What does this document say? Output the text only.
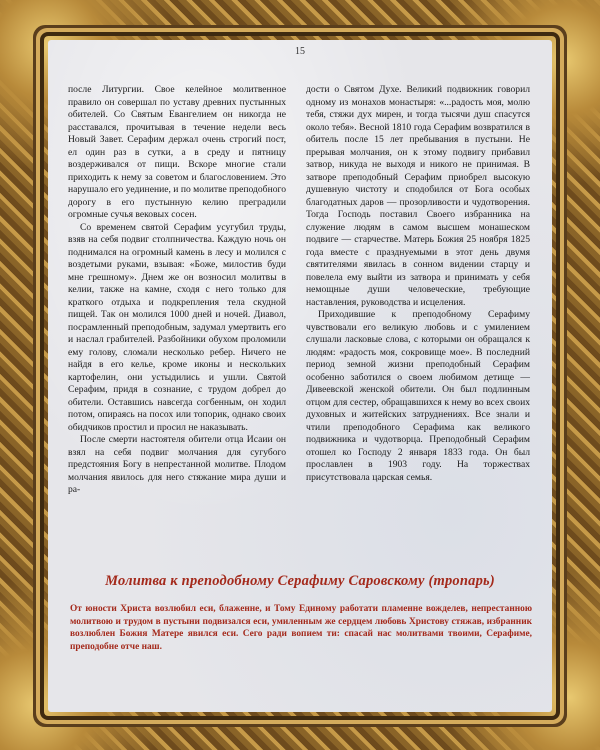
15

после Литургии. Свое келейное молитвенное правило он совершал по уставу древних пустынных обителей. Со Святым Евангелием он никогда не расставался, прочитывая в течение недели весь Новый Завет. Серафим держал очень строгий пост, ел один раз в сутки, а в среду и пятницу воздерживался от пищи. Вскоре многие стали приходить к нему за советом и благословением. Это нарушало его уединение, и по молитве преподобного дорогу в его пустынную келию преградили огромные сучья вековых сосен.

Со временем святой Серафим усугубил труды, взяв на себя подвиг столпничества. Каждую ночь он поднимался на огромный камень в лесу и молился с воздетыми руками, взывая: «Боже, милостив буди мне грешному». Днем же он возносил молитвы в келии, также на камне, сходя с него только для краткого отдыха и подкрепления тела скудной пищей. Так он молился 1000 дней и ночей. Диавол, посрамленный преподобным, задумал умертвить его и наслал грабителей. Разбойники обухом проломили ему голову, сломали несколько ребер. Ничего не найдя в его келье, кроме иконы и нескольких картофелин, они устыдились и ушли. Святой Серафим, придя в сознание, с трудом добрел до обители. Оставшись навсегда согбенным, он ходил потом, опираясь на посох или топорик, однако своих обидчиков простил и просил не наказывать.

После смерти настоятеля обители отца Исаии он взял на себя подвиг молчания для сугубого предстояния Богу в непрестанной молитве. Плодом молчания явилось для него стяжание мира души и ра-

дости о Святом Духе. Великий подвижник говорил одному из монахов монастыря: «...радость моя, молю тебя, стяжи дух мирен, и тогда тысячи душ спасутся около тебя». Весной 1810 года Серафим возвратился в обитель после 15 лет пребывания в пустыни. Не прерывая молчания, он к этому подвигу прибавил затвор, никуда не выходя и никого не принимая. В затворе преподобный Серафим приобрел высокую душевную чистоту и сподобился от Бога особых благодатных даров — прозорливости и чудотворения. Тогда Господь поставил Своего избранника на служение людям в самом высшем монашеском подвиге — старчестве. Матерь Божия 25 ноября 1825 года вместе с празднуемыми в этот день двумя святителями явилась в сонном видении старцу и повелела ему выйти из затвора и принимать у себя немощные души человеческие, требующие наставления, руководства и исцеления.

Приходившие к преподобному Серафиму чувствовали его великую любовь и с умилением слушали ласковые слова, с которыми он обращался к людям: «радость моя, сокровище мое». В последний период земной жизни преподобный Серафим особенно заботился о своем любимом детище — Дивеевской женской обители. Он был подлинным отцом для сестер, обращавшихся к нему во всех своих духовных и житейских затруднениях. Все знали и чтили преподобного Серафима как великого подвижника и чудотворца. Преподобный Серафим отошел ко Господу 2 января 1833 года. Он был прославлен в 1903 году. На торжествах присутствовала царская семья.

Молитва к преподобному Серафиму Саровскому (тропарь)
От юности Христа возлюбил еси, блаженне, и Тому Единому работати пламенне вожделев, непрестанною молитвою и трудом в пустыни подвизался еси, умиленным же сердцем любовь Христову стяжав, избранник возлюблен Божия Матере явился еси. Сего ради вопием ти: спасай нас молитвами твоими, Серафиме, преподобне отче наш.
